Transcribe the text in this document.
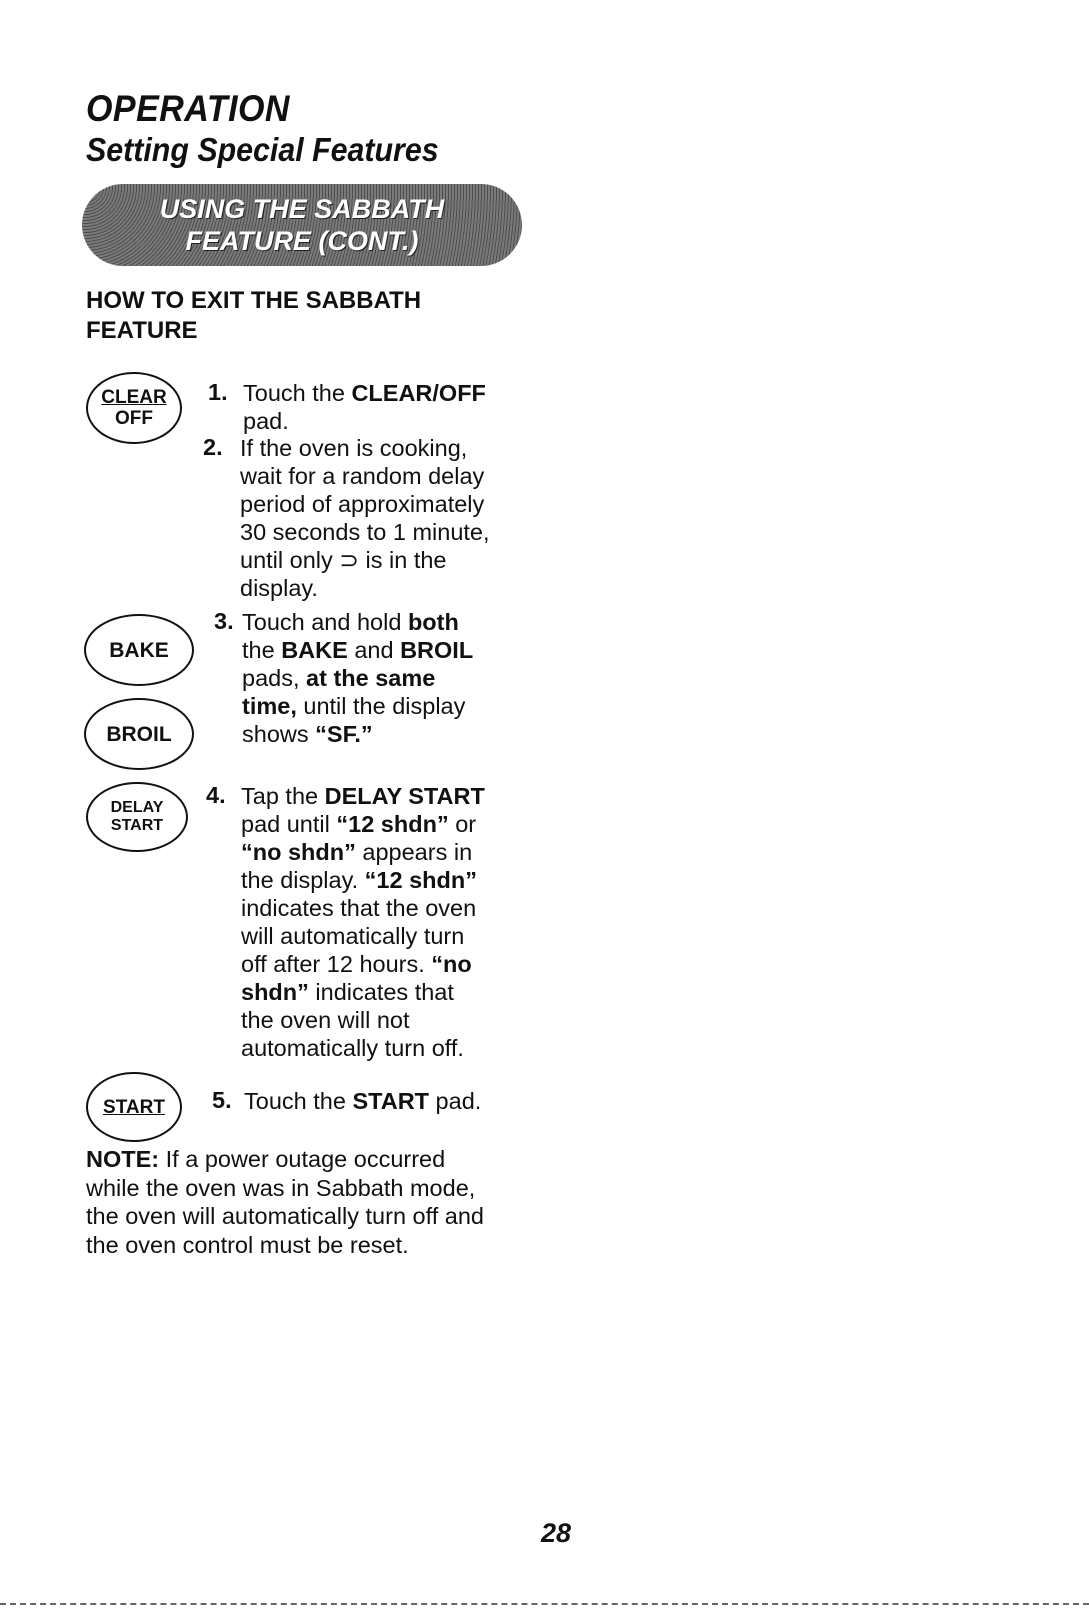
OPERATION
Setting Special Features
USING THE SABBATH
FEATURE (CONT.)
HOW TO EXIT THE SABBATH
FEATURE
CLEAR
OFF
BAKE
BROIL
DELAY
START
START
1. Touch the CLEAR/OFF
pad.
2. If the oven is cooking,
wait for a random delay
period of approximately
30 seconds to 1 minute,
until only ⊃ is in the
display.
3. Touch and hold both
the BAKE and BROIL
pads, at the same
time, until the display
shows “SF.”
4. Tap the DELAY START
pad until “12 shdn” or
“no shdn” appears in
the display. “12 shdn”
indicates that the oven
will automatically turn
off after 12 hours. “no
shdn” indicates that
the oven will not
automatically turn off.
5. Touch the START pad.
NOTE: If a power outage occurred
while the oven was in Sabbath mode,
the oven will automatically turn off and
the oven control must be reset.
28
